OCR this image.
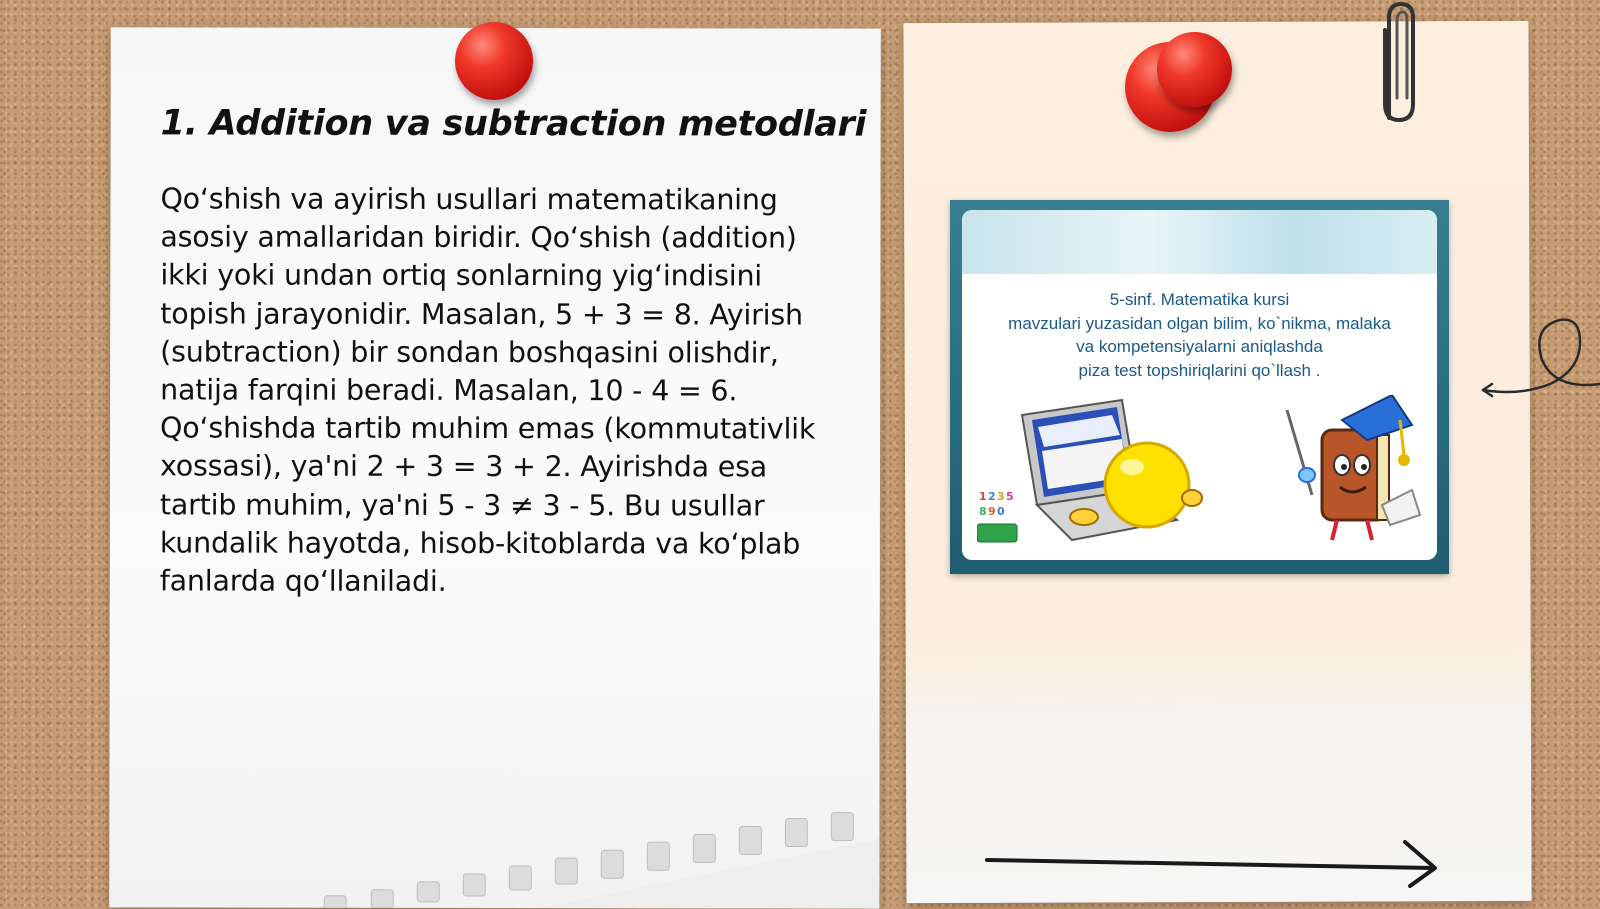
1. Addition va subtraction metodlari
Qo‘shish va ayirish usullari matematikaning asosiy amallaridan biridir. Qo‘shish (addition) ikki yoki undan ortiq sonlarning yig‘indisini topish jarayonidir. Masalan, 5 + 3 = 8. Ayirish (subtraction) bir sondan boshqasini olishdir, natija farqini beradi. Masalan, 10 - 4 = 6. Qo‘shishda tartib muhim emas (kommutativlik xossasi), ya'ni 2 + 3 = 3 + 2. Ayirishda esa tartib muhim, ya'ni 5 - 3 ≠ 3 - 5. Bu usullar kundalik hayotda, hisob-kitoblarda va ko‘plab fanlarda qo‘llaniladi.
5-sinf. Matematika kursi
mavzulari yuzasidan olgan bilim, ko`nikma, malaka
va kompetensiyalarni aniqlashda
piza test topshiriqlarini qo`llash .
1 2 3 5
8 9 0
